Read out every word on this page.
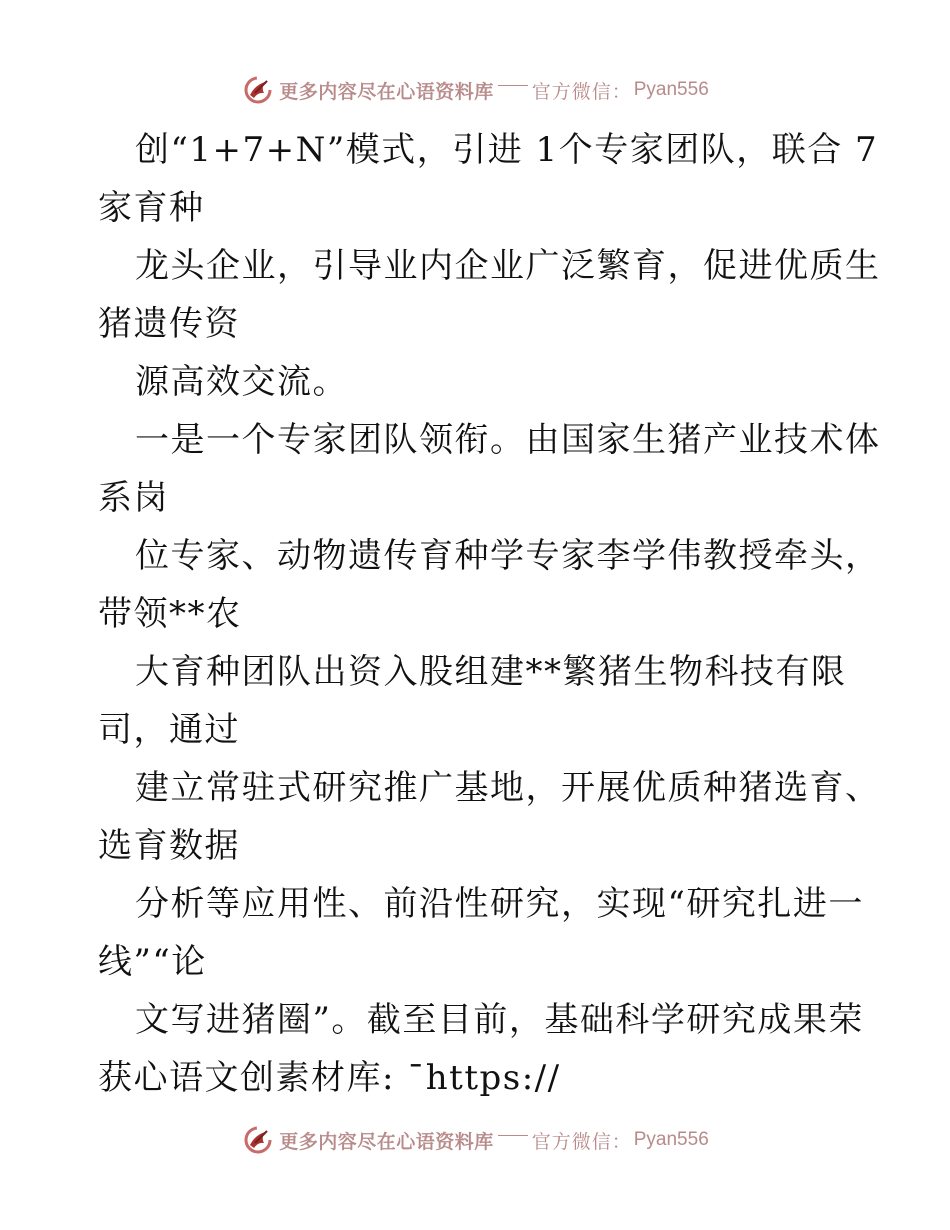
更多内容尽在心语资料库 官方微信： Pyan556
创“1+7+N”模式，引进 1个专家团队，联合 7
家育种
龙头企业，引导业内企业广泛繁育，促进优质生
猪遗传资
源高效交流。
一是一个专家团队领衔。由国家生猪产业技术体
系岗
位专家、动物遗传育种学专家李学伟教授牵头，
带领**农
大育种团队出资入股组建**繁猪生物科技有限
司，通过
建立常驻式研究推广基地，开展优质种猪选育、
选育数据
分析等应用性、前沿性研究，实现“研究扎进一
线”“论
文写进猪圈”。截至目前，基础科学研究成果荣
获心语文创素材库: ¯https://
更多内容尽在心语资料库 官方微信： Pyan556
